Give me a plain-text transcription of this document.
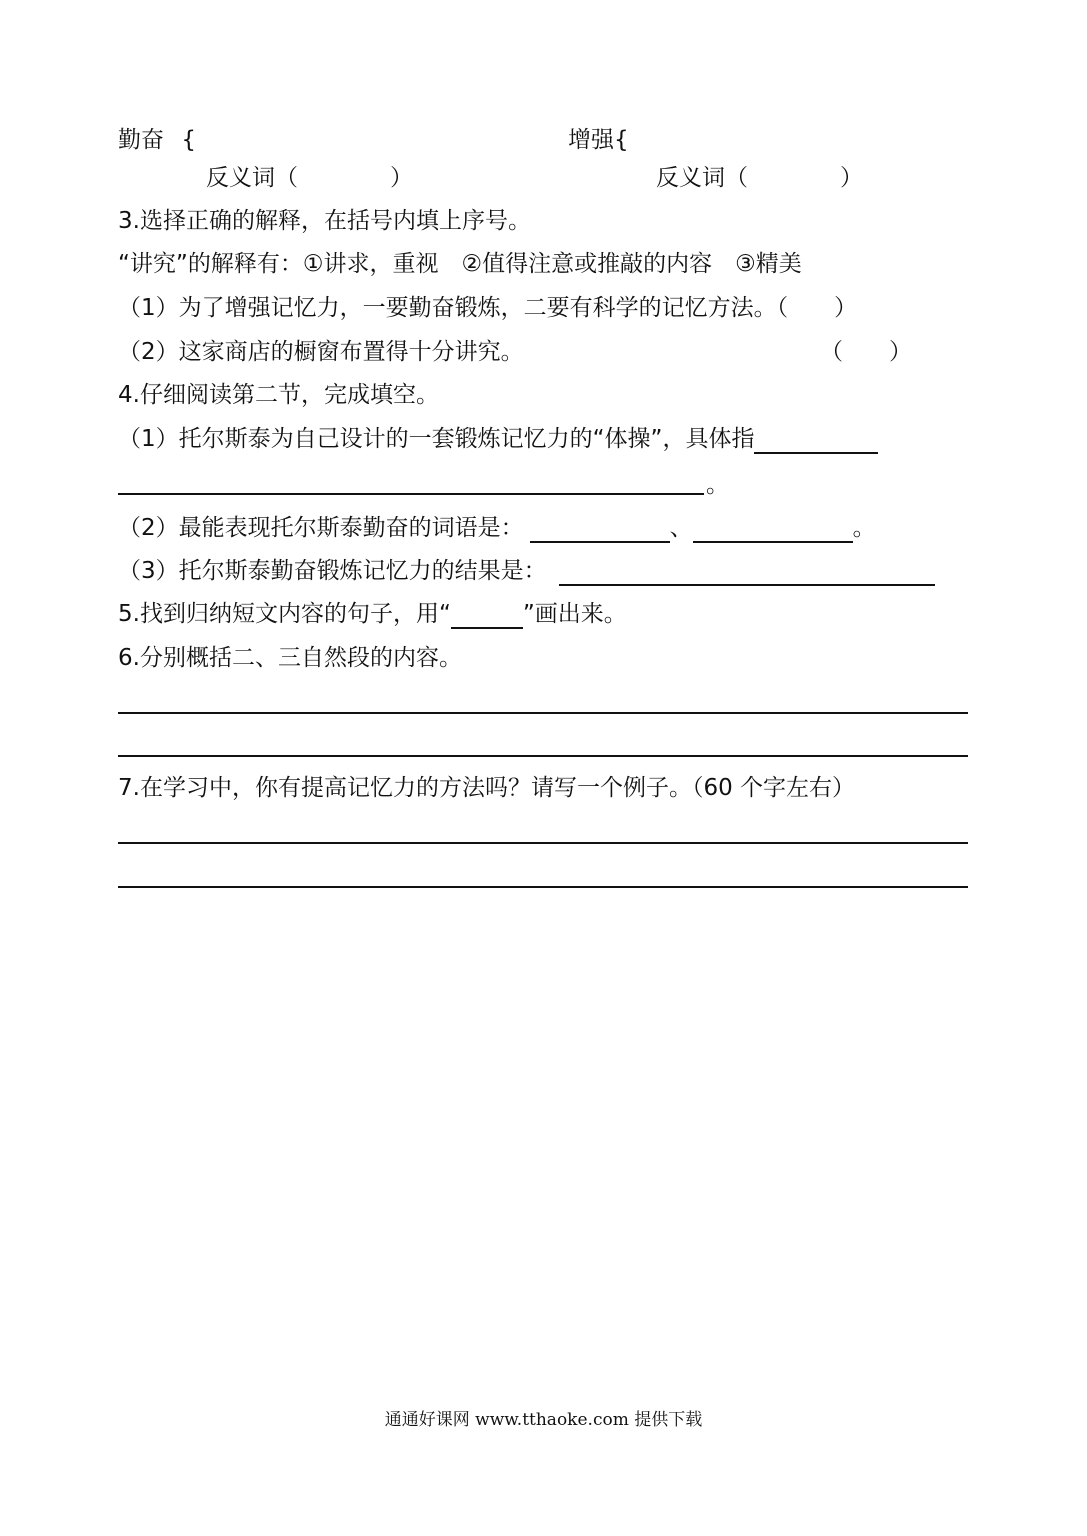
勤奋 {	增强{
反义词（	）	反义词（	）
3.选择正确的解释，在括号内填上序号。
“讲究”的解释有：①讲求，重视　②值得注意或推敲的内容　③精美
（1）为了增强记忆力，一要勤奋锻炼，二要有科学的记忆方法。（ ）
（2）这家商店的橱窗布置得十分讲究。	（ ）
4.仔细阅读第二节，完成填空。
（1）托尔斯泰为自己设计的一套锻炼记忆力的“体操”，具体指
。
（2）最能表现托尔斯泰勤奋的词语是：	、	。
（3）托尔斯泰勤奋锻炼记忆力的结果是：
5.找到归纳短文内容的句子，用“	”画出来。
6.分别概括二、三自然段的内容。
7.在学习中，你有提高记忆力的方法吗？请写一个例子。（60 个字左右）
通通好课网 www.tthaoke.com 提供下载
